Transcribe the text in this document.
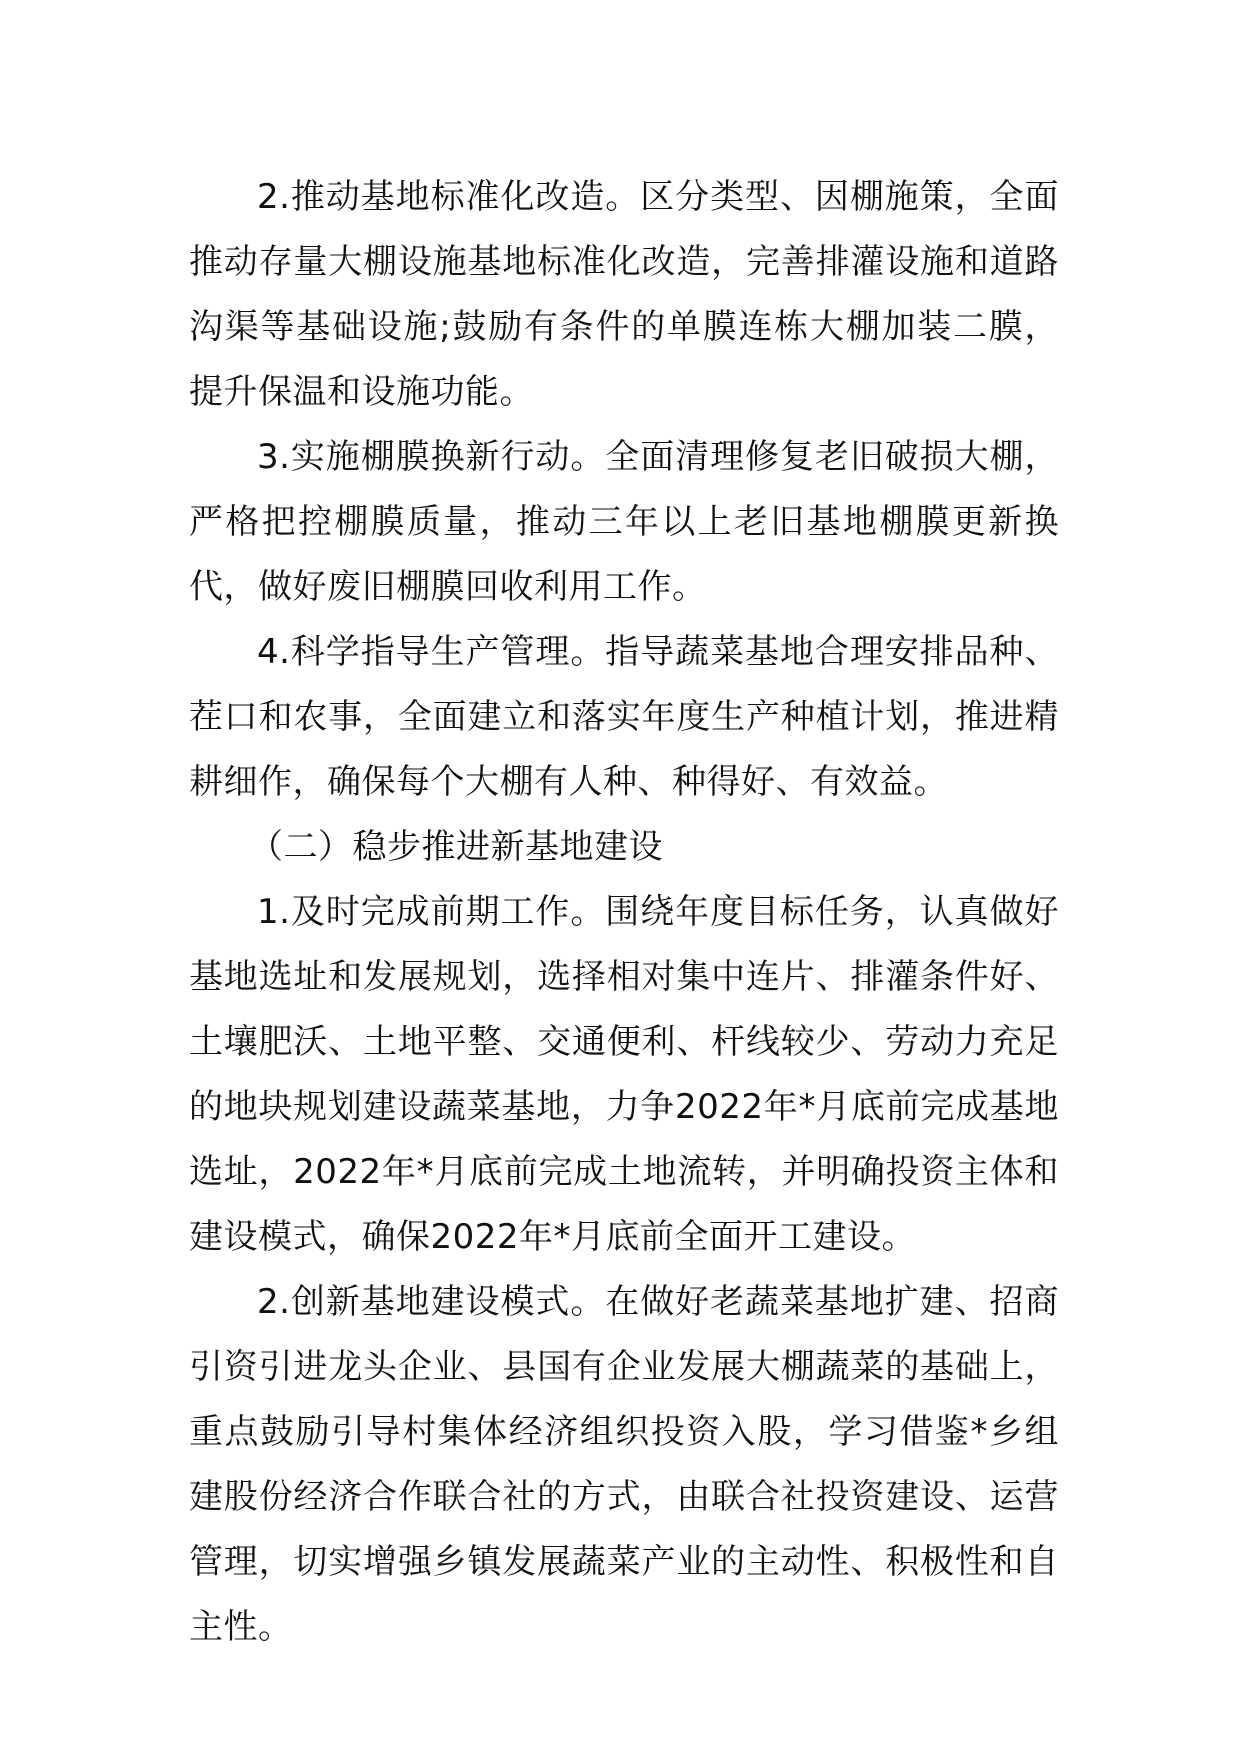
2.推动基地标准化改造。区分类型、因棚施策，全面推动存量大棚设施基地标准化改造，完善排灌设施和道路沟渠等基础设施;鼓励有条件的单膜连栋大棚加装二膜，提升保温和设施功能。

3.实施棚膜换新行动。全面清理修复老旧破损大棚，严格把控棚膜质量，推动三年以上老旧基地棚膜更新换代，做好废旧棚膜回收利用工作。

4.科学指导生产管理。指导蔬菜基地合理安排品种、茬口和农事，全面建立和落实年度生产种植计划，推进精耕细作，确保每个大棚有人种、种得好、有效益。

（二）稳步推进新基地建设

1.及时完成前期工作。围绕年度目标任务，认真做好基地选址和发展规划，选择相对集中连片、排灌条件好、土壤肥沃、土地平整、交通便利、杆线较少、劳动力充足的地块规划建设蔬菜基地，力争2022年*月底前完成基地选址，2022年*月底前完成土地流转，并明确投资主体和建设模式，确保2022年*月底前全面开工建设。

2.创新基地建设模式。在做好老蔬菜基地扩建、招商引资引进龙头企业、县国有企业发展大棚蔬菜的基础上，重点鼓励引导村集体经济组织投资入股，学习借鉴*乡组建股份经济合作联合社的方式，由联合社投资建设、运营管理，切实增强乡镇发展蔬菜产业的主动性、积极性和自主性。
